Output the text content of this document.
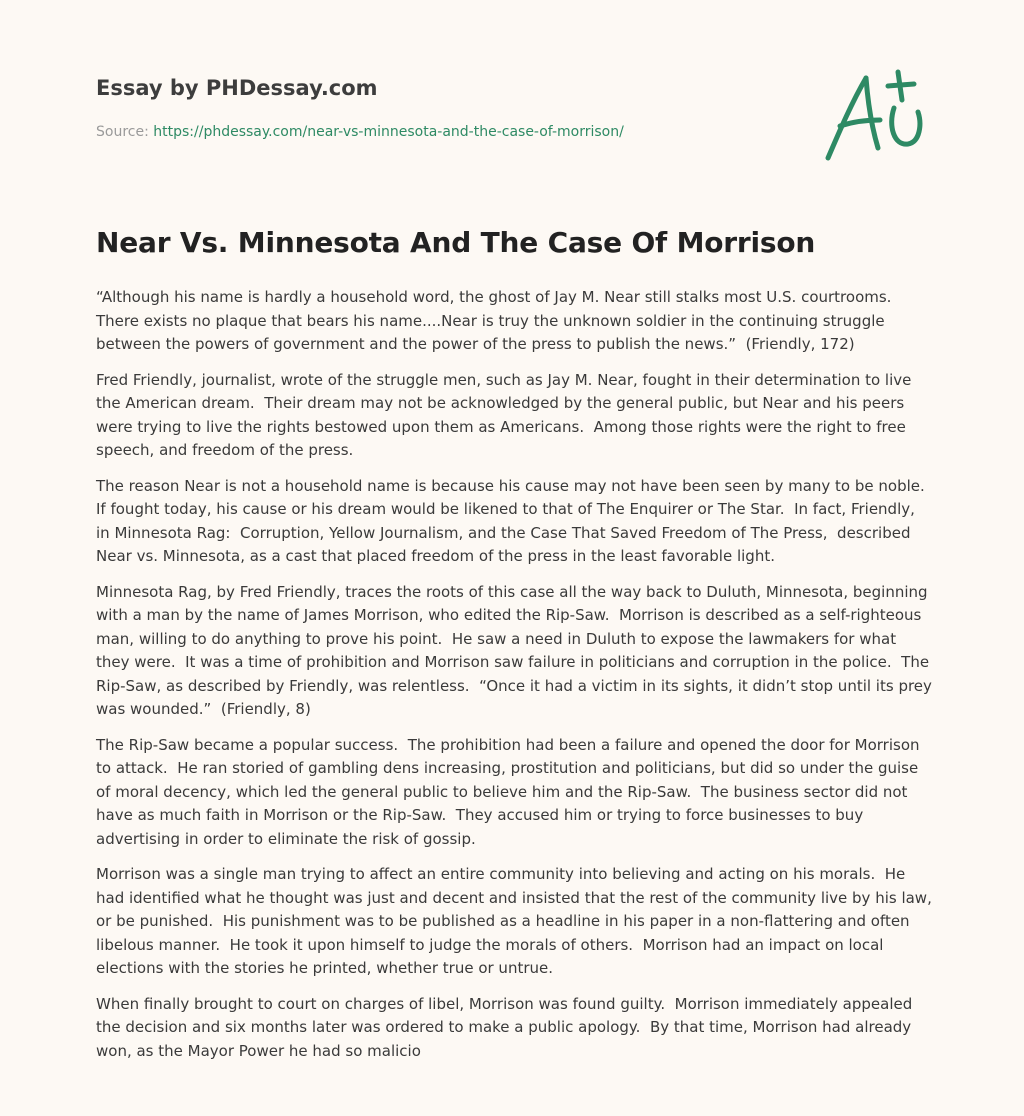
Essay by PHDessay.com

Source: https://phdessay.com/near-vs-minnesota-and-the-case-of-morrison/

Near Vs. Minnesota And The Case Of Morrison

“Although his name is hardly a household word, the ghost of Jay M. Near still stalks most U.S. courtrooms.  There exists no plaque that bears his name....Near is truy the unknown soldier in the continuing struggle between the powers of government and the power of the press to publish the news.”  (Friendly, 172)

Fred Friendly, journalist, wrote of the struggle men, such as Jay M. Near, fought in their determination to live the American dream.  Their dream may not be acknowledged by the general public, but Near and his peers were trying to live the rights bestowed upon them as Americans.  Among those rights were the right to free speech, and freedom of the press.

The reason Near is not a household name is because his cause may not have been seen by many to be noble.  If fought today, his cause or his dream would be likened to that of The Enquirer or The Star.  In fact, Friendly, in Minnesota Rag:  Corruption, Yellow Journalism, and the Case That Saved Freedom of The Press,  described Near vs. Minnesota, as a cast that placed freedom of the press in the least favorable light.

Minnesota Rag, by Fred Friendly, traces the roots of this case all the way back to Duluth, Minnesota, beginning with a man by the name of James Morrison, who edited the Rip-Saw.  Morrison is described as a self-righteous man, willing to do anything to prove his point.  He saw a need in Duluth to expose the lawmakers for what they were.  It was a time of prohibition and Morrison saw failure in politicians and corruption in the police.  The Rip-Saw, as described by Friendly, was relentless.  “Once it had a victim in its sights, it didn’t stop until its prey was wounded.”  (Friendly, 8)

The Rip-Saw became a popular success.  The prohibition had been a failure and opened the door for Morrison to attack.  He ran storied of gambling dens increasing, prostitution and politicians, but did so under the guise of moral decency, which led the general public to believe him and the Rip-Saw.  The business sector did not have as much faith in Morrison or the Rip-Saw.  They accused him or trying to force businesses to buy advertising in order to eliminate the risk of gossip.

Morrison was a single man trying to affect an entire community into believing and acting on his morals.  He had identified what he thought was just and decent and insisted that the rest of the community live by his law, or be punished.  His punishment was to be published as a headline in his paper in a non-flattering and often libelous manner.  He took it upon himself to judge the morals of others.  Morrison had an impact on local elections with the stories he printed, whether true or untrue.

When finally brought to court on charges of libel, Morrison was found guilty.  Morrison immediately appealed the decision and six months later was ordered to make a public apology.  By that time, Morrison had already won, as the Mayor Power he had so malicio
